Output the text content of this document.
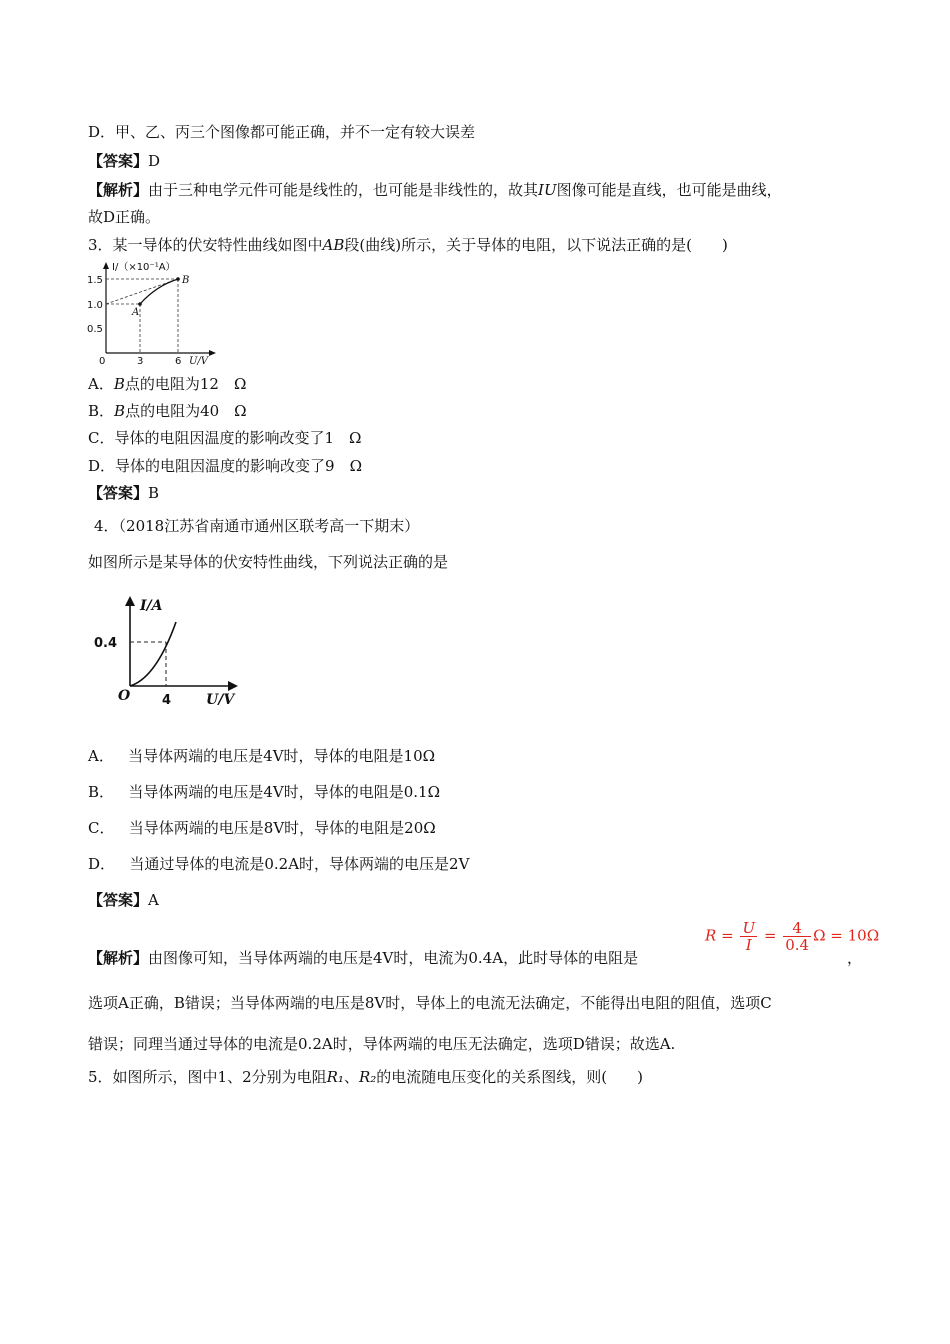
D．甲、乙、丙三个图像都可能正确，并不一定有较大误差
【答案】D
【解析】由于三种电学元件可能是线性的，也可能是非线性的，故其IU图像可能是直线，也可能是曲线，
故D正确。
3．某一导体的伏安特性曲线如图中AB段(曲线)所示，关于导体的电阻，以下说法正确的是(　　)
I/（×10⁻¹A）
1.5
1.0
0.5
0	3	6 U/V
A
B
A．B点的电阻为12　Ω
B．B点的电阻为40　Ω
C．导体的电阻因温度的影响改变了1　Ω
D．导体的电阻因温度的影响改变了9　Ω
【答案】B
4．（2018江苏省南通市通州区联考高一下期末）
如图所示是某导体的伏安特性曲线，下列说法正确的是
I/A
0.4
O 4 U/V
A． 当导体两端的电压是4V时，导体的电阻是10Ω
B． 当导体两端的电压是4V时，导体的电阻是0.1Ω
C． 当导体两端的电压是8V时，导体的电阻是20Ω
D． 当通过导体的电流是0.2A时，导体两端的电压是2V
【答案】A
【解析】由图像可知，当导体两端的电压是4V时，电流为0.4A，此时导体的电阻是	，
$R = \frac{U}{I} = \frac{4}{0.4}$ Ω = 10Ω
选项A正确，B错误；当导体两端的电压是8V时，导体上的电流无法确定，不能得出电阻的阻值，选项C
错误；同理当通过导体的电流是0.2A时，导体两端的电压无法确定，选项D错误；故选A.
5．如图所示，图中1、2分别为电阻R₁、R₂的电流随电压变化的关系图线，则(　　)
